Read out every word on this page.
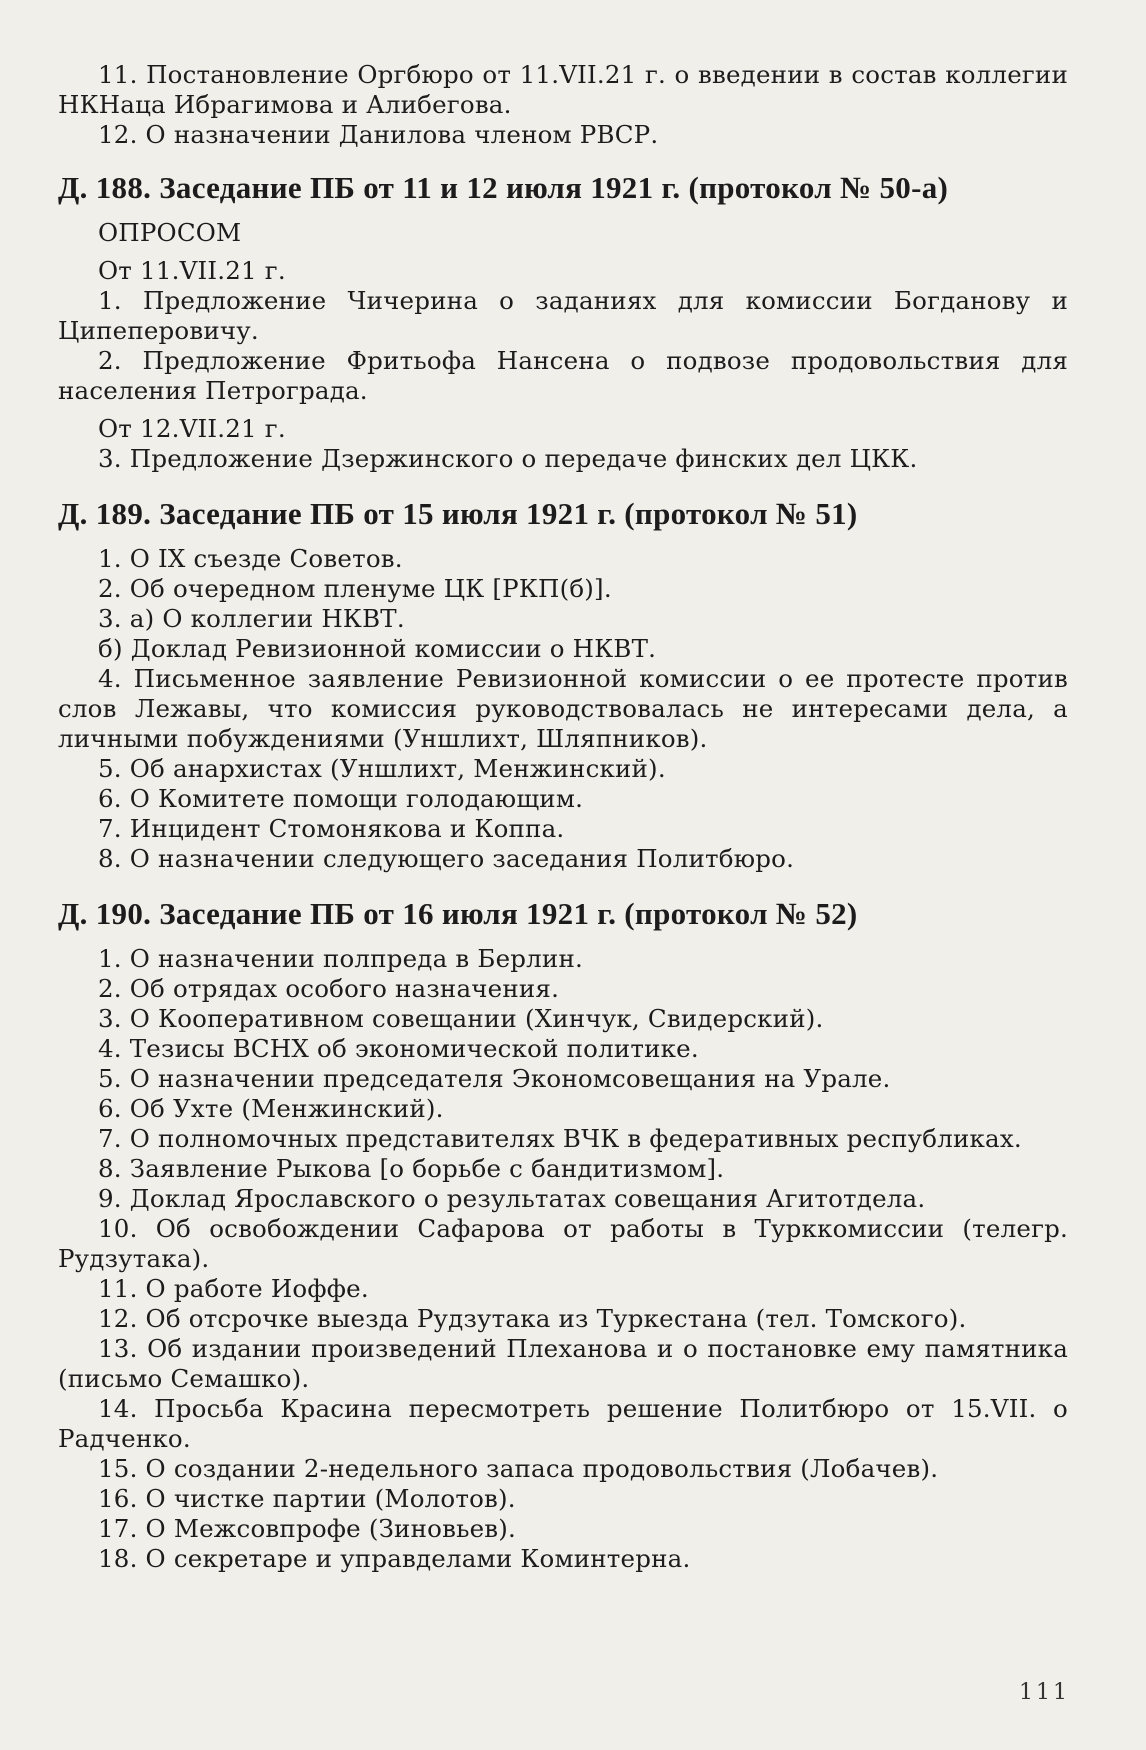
11. Постановление Оргбюро от 11.VII.21 г. о введении в состав коллегии НКНаца Ибрагимова и Алибегова.

12. О назначении Данилова членом РВСР.

Д. 188. Заседание ПБ от 11 и 12 июля 1921 г. (протокол № 50-а)

ОПРОСОМ

От 11.VII.21 г.

1. Предложение Чичерина о заданиях для комиссии Богданову и Ципеперовичу.

2. Предложение Фритьофа Нансена о подвозе продовольствия для населения Петрограда.

От 12.VII.21 г.

3. Предложение Дзержинского о передаче финских дел ЦКК.

Д. 189. Заседание ПБ от 15 июля 1921 г. (протокол № 51)

1. О IX съезде Советов.

2. Об очередном пленуме ЦК [РКП(б)].

3. а) О коллегии НКВТ.

б) Доклад Ревизионной комиссии о НКВТ.

4. Письменное заявление Ревизионной комиссии о ее протесте против слов Лежавы, что комиссия руководствовалась не интересами дела, а личными побуждениями (Уншлихт, Шляпников).

5. Об анархистах (Уншлихт, Менжинский).

6. О Комитете помощи голодающим.

7. Инцидент Стомонякова и Коппа.

8. О назначении следующего заседания Политбюро.

Д. 190. Заседание ПБ от 16 июля 1921 г. (протокол № 52)

1. О назначении полпреда в Берлин.

2. Об отрядах особого назначения.

3. О Кооперативном совещании (Хинчук, Свидерский).

4. Тезисы ВСНХ об экономической политике.

5. О назначении председателя Экономсовещания на Урале.

6. Об Ухте (Менжинский).

7. О полномочных представителях ВЧК в федеративных республиках.

8. Заявление Рыкова [о борьбе с бандитизмом].

9. Доклад Ярославского о результатах совещания Агитотдела.

10. Об освобождении Сафарова от работы в Турккомиссии (телегр. Рудзутака).

11. О работе Иоффе.

12. Об отсрочке выезда Рудзутака из Туркестана (тел. Томского).

13. Об издании произведений Плеханова и о постановке ему памятника (письмо Семашко).

14. Просьба Красина пересмотреть решение Политбюро от 15.VII. о Радченко.

15. О создании 2-недельного запаса продовольствия (Лобачев).

16. О чистке партии (Молотов).

17. О Межсовпрофе (Зиновьев).

18. О секретаре и управделами Коминтерна.

111
